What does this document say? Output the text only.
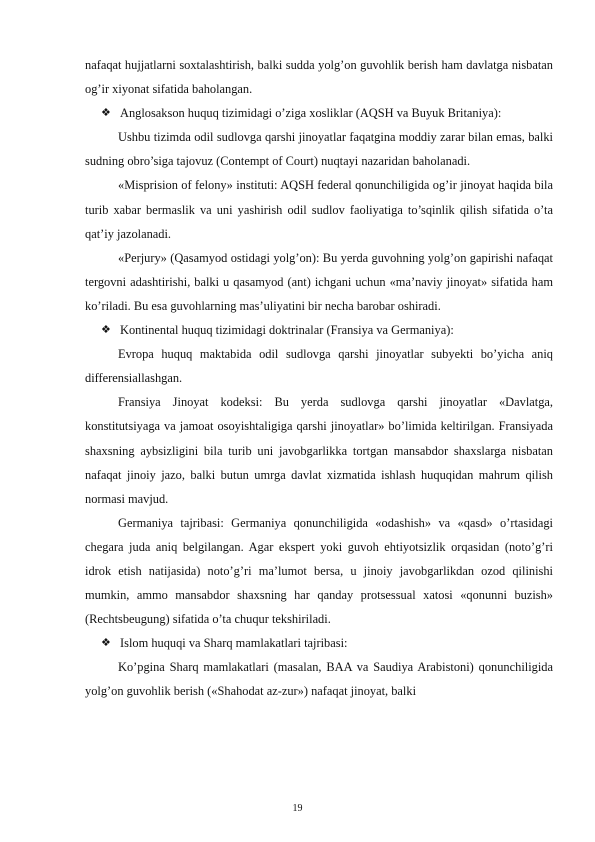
nafaqat hujjatlarni soxtalashtirish, balki sudda yolg’on guvohlik berish ham davlatga nisbatan og’ir xiyonat sifatida baholangan.

❖ Anglosakson huquq tizimidagi o’ziga xosliklar (AQSH va Buyuk Britaniya):

Ushbu tizimda odil sudlovga qarshi jinoyatlar faqatgina moddiy zarar bilan emas, balki sudning obro’siga tajovuz (Contempt of Court) nuqtayi nazaridan baholanadi.

«Misprision of felony» instituti: AQSH federal qonunchiligida og’ir jinoyat haqida bila turib xabar bermaslik va uni yashirish odil sudlov faoliyatiga to’sqinlik qilish sifatida o’ta qat’iy jazolanadi.

«Perjury» (Qasamyod ostidagi yolg’on): Bu yerda guvohning yolg’on gapirishi nafaqat tergovni adashtirishi, balki u qasamyod (ant) ichgani uchun «ma’naviy jinoyat» sifatida ham ko’riladi. Bu esa guvohlarning mas’uliyatini bir necha barobar oshiradi.

❖ Kontinental huquq tizimidagi doktrinalar (Fransiya va Germaniya):

Evropa huquq maktabida odil sudlovga qarshi jinoyatlar subyekti bo’yicha aniq differensiallashgan.

Fransiya Jinoyat kodeksi: Bu yerda sudlovga qarshi jinoyatlar «Davlatga, konstitutsiyaga va jamoat osoyishtaligiga qarshi jinoyatlar» bo’limida keltirilgan. Fransiyada shaxsning aybsizligini bila turib uni javobgarlikka tortgan mansabdor shaxslarga nisbatan nafaqat jinoiy jazo, balki butun umrga davlat xizmatida ishlash huquqidan mahrum qilish normasi mavjud.

Germaniya tajribasi: Germaniya qonunchiligida «odashish» va «qasd» o’rtasidagi chegara juda aniq belgilangan. Agar ekspert yoki guvoh ehtiyotsizlik orqasidan (noto’g’ri idrok etish natijasida) noto’g’ri ma’lumot bersa, u jinoiy javobgarlikdan ozod qilinishi mumkin, ammo mansabdor shaxsning har qanday protsessual xatosi «qonunni buzish» (Rechtsbeugung) sifatida o’ta chuqur tekshiriladi.

❖ Islom huquqi va Sharq mamlakatlari tajribasi:

Ko’pgina Sharq mamlakatlari (masalan, BAA va Saudiya Arabistoni) qonunchiligida yolg’on guvohlik berish («Shahodat az-zur») nafaqat jinoyat, balki

19
